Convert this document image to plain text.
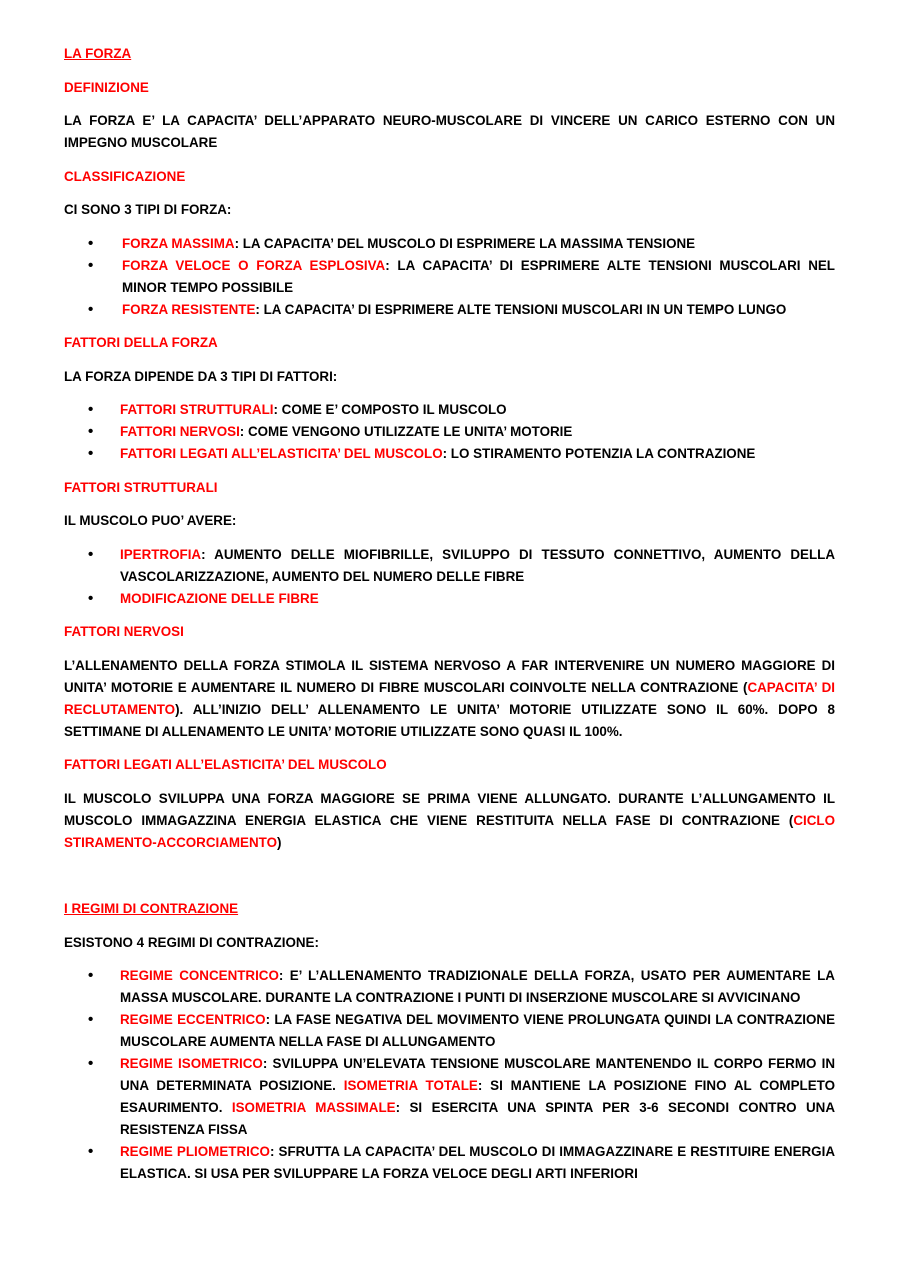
LA FORZA

DEFINIZIONE

LA FORZA E’ LA CAPACITA’ DELL’APPARATO NEURO-MUSCOLARE DI VINCERE UN CARICO ESTERNO CON UN IMPEGNO MUSCOLARE

CLASSIFICAZIONE

CI SONO 3 TIPI DI FORZA:

• FORZA MASSIMA: LA CAPACITA’ DEL MUSCOLO DI ESPRIMERE LA MASSIMA TENSIONE
• FORZA VELOCE O FORZA ESPLOSIVA: LA CAPACITA’ DI ESPRIMERE ALTE TENSIONI MUSCOLARI NEL MINOR TEMPO POSSIBILE
• FORZA RESISTENTE: LA CAPACITA’ DI ESPRIMERE ALTE TENSIONI MUSCOLARI IN UN TEMPO LUNGO

FATTORI DELLA FORZA

LA FORZA DIPENDE DA 3 TIPI DI FATTORI:

• FATTORI STRUTTURALI: COME E’ COMPOSTO IL MUSCOLO
• FATTORI NERVOSI: COME VENGONO UTILIZZATE LE UNITA’ MOTORIE
• FATTORI LEGATI ALL’ELASTICITA’ DEL MUSCOLO: LO STIRAMENTO POTENZIA LA CONTRAZIONE

FATTORI STRUTTURALI

IL MUSCOLO PUO’ AVERE:

• IPERTROFIA: AUMENTO DELLE MIOFIBRILLE, SVILUPPO DI TESSUTO CONNETTIVO, AUMENTO DELLA VASCOLARIZZAZIONE, AUMENTO DEL NUMERO DELLE FIBRE
• MODIFICAZIONE DELLE FIBRE

FATTORI NERVOSI

L’ALLENAMENTO DELLA FORZA STIMOLA IL SISTEMA NERVOSO A FAR INTERVENIRE UN NUMERO MAGGIORE DI UNITA’ MOTORIE E AUMENTARE IL NUMERO DI FIBRE MUSCOLARI COINVOLTE NELLA CONTRAZIONE (CAPACITA’ DI RECLUTAMENTO). ALL’INIZIO DELL’ ALLENAMENTO LE UNITA’ MOTORIE UTILIZZATE SONO IL 60%. DOPO 8 SETTIMANE DI ALLENAMENTO LE UNITA’ MOTORIE UTILIZZATE SONO QUASI IL 100%.

FATTORI LEGATI ALL’ELASTICITA’ DEL MUSCOLO

IL MUSCOLO SVILUPPA UNA FORZA MAGGIORE SE PRIMA VIENE ALLUNGATO. DURANTE L’ALLUNGAMENTO IL MUSCOLO IMMAGAZZINA ENERGIA ELASTICA CHE VIENE RESTITUITA NELLA FASE DI CONTRAZIONE (CICLO STIRAMENTO-ACCORCIAMENTO)

I REGIMI DI CONTRAZIONE

ESISTONO 4 REGIMI DI CONTRAZIONE:

• REGIME CONCENTRICO: E’ L’ALLENAMENTO TRADIZIONALE DELLA FORZA, USATO PER AUMENTARE LA MASSA MUSCOLARE. DURANTE LA CONTRAZIONE I PUNTI DI INSERZIONE MUSCOLARE SI AVVICINANO
• REGIME ECCENTRICO: LA FASE NEGATIVA DEL MOVIMENTO VIENE PROLUNGATA QUINDI LA CONTRAZIONE MUSCOLARE AUMENTA NELLA FASE DI ALLUNGAMENTO
• REGIME ISOMETRICO: SVILUPPA UN’ELEVATA TENSIONE MUSCOLARE MANTENENDO IL CORPO FERMO IN UNA DETERMINATA POSIZIONE. ISOMETRIA TOTALE: SI MANTIENE LA POSIZIONE FINO AL COMPLETO ESAURIMENTO. ISOMETRIA MASSIMALE: SI ESERCITA UNA SPINTA PER 3-6 SECONDI CONTRO UNA RESISTENZA FISSA
• REGIME PLIOMETRICO: SFRUTTA LA CAPACITA’ DEL MUSCOLO DI IMMAGAZZINARE E RESTITUIRE ENERGIA ELASTICA. SI USA PER SVILUPPARE LA FORZA VELOCE DEGLI ARTI INFERIORI
